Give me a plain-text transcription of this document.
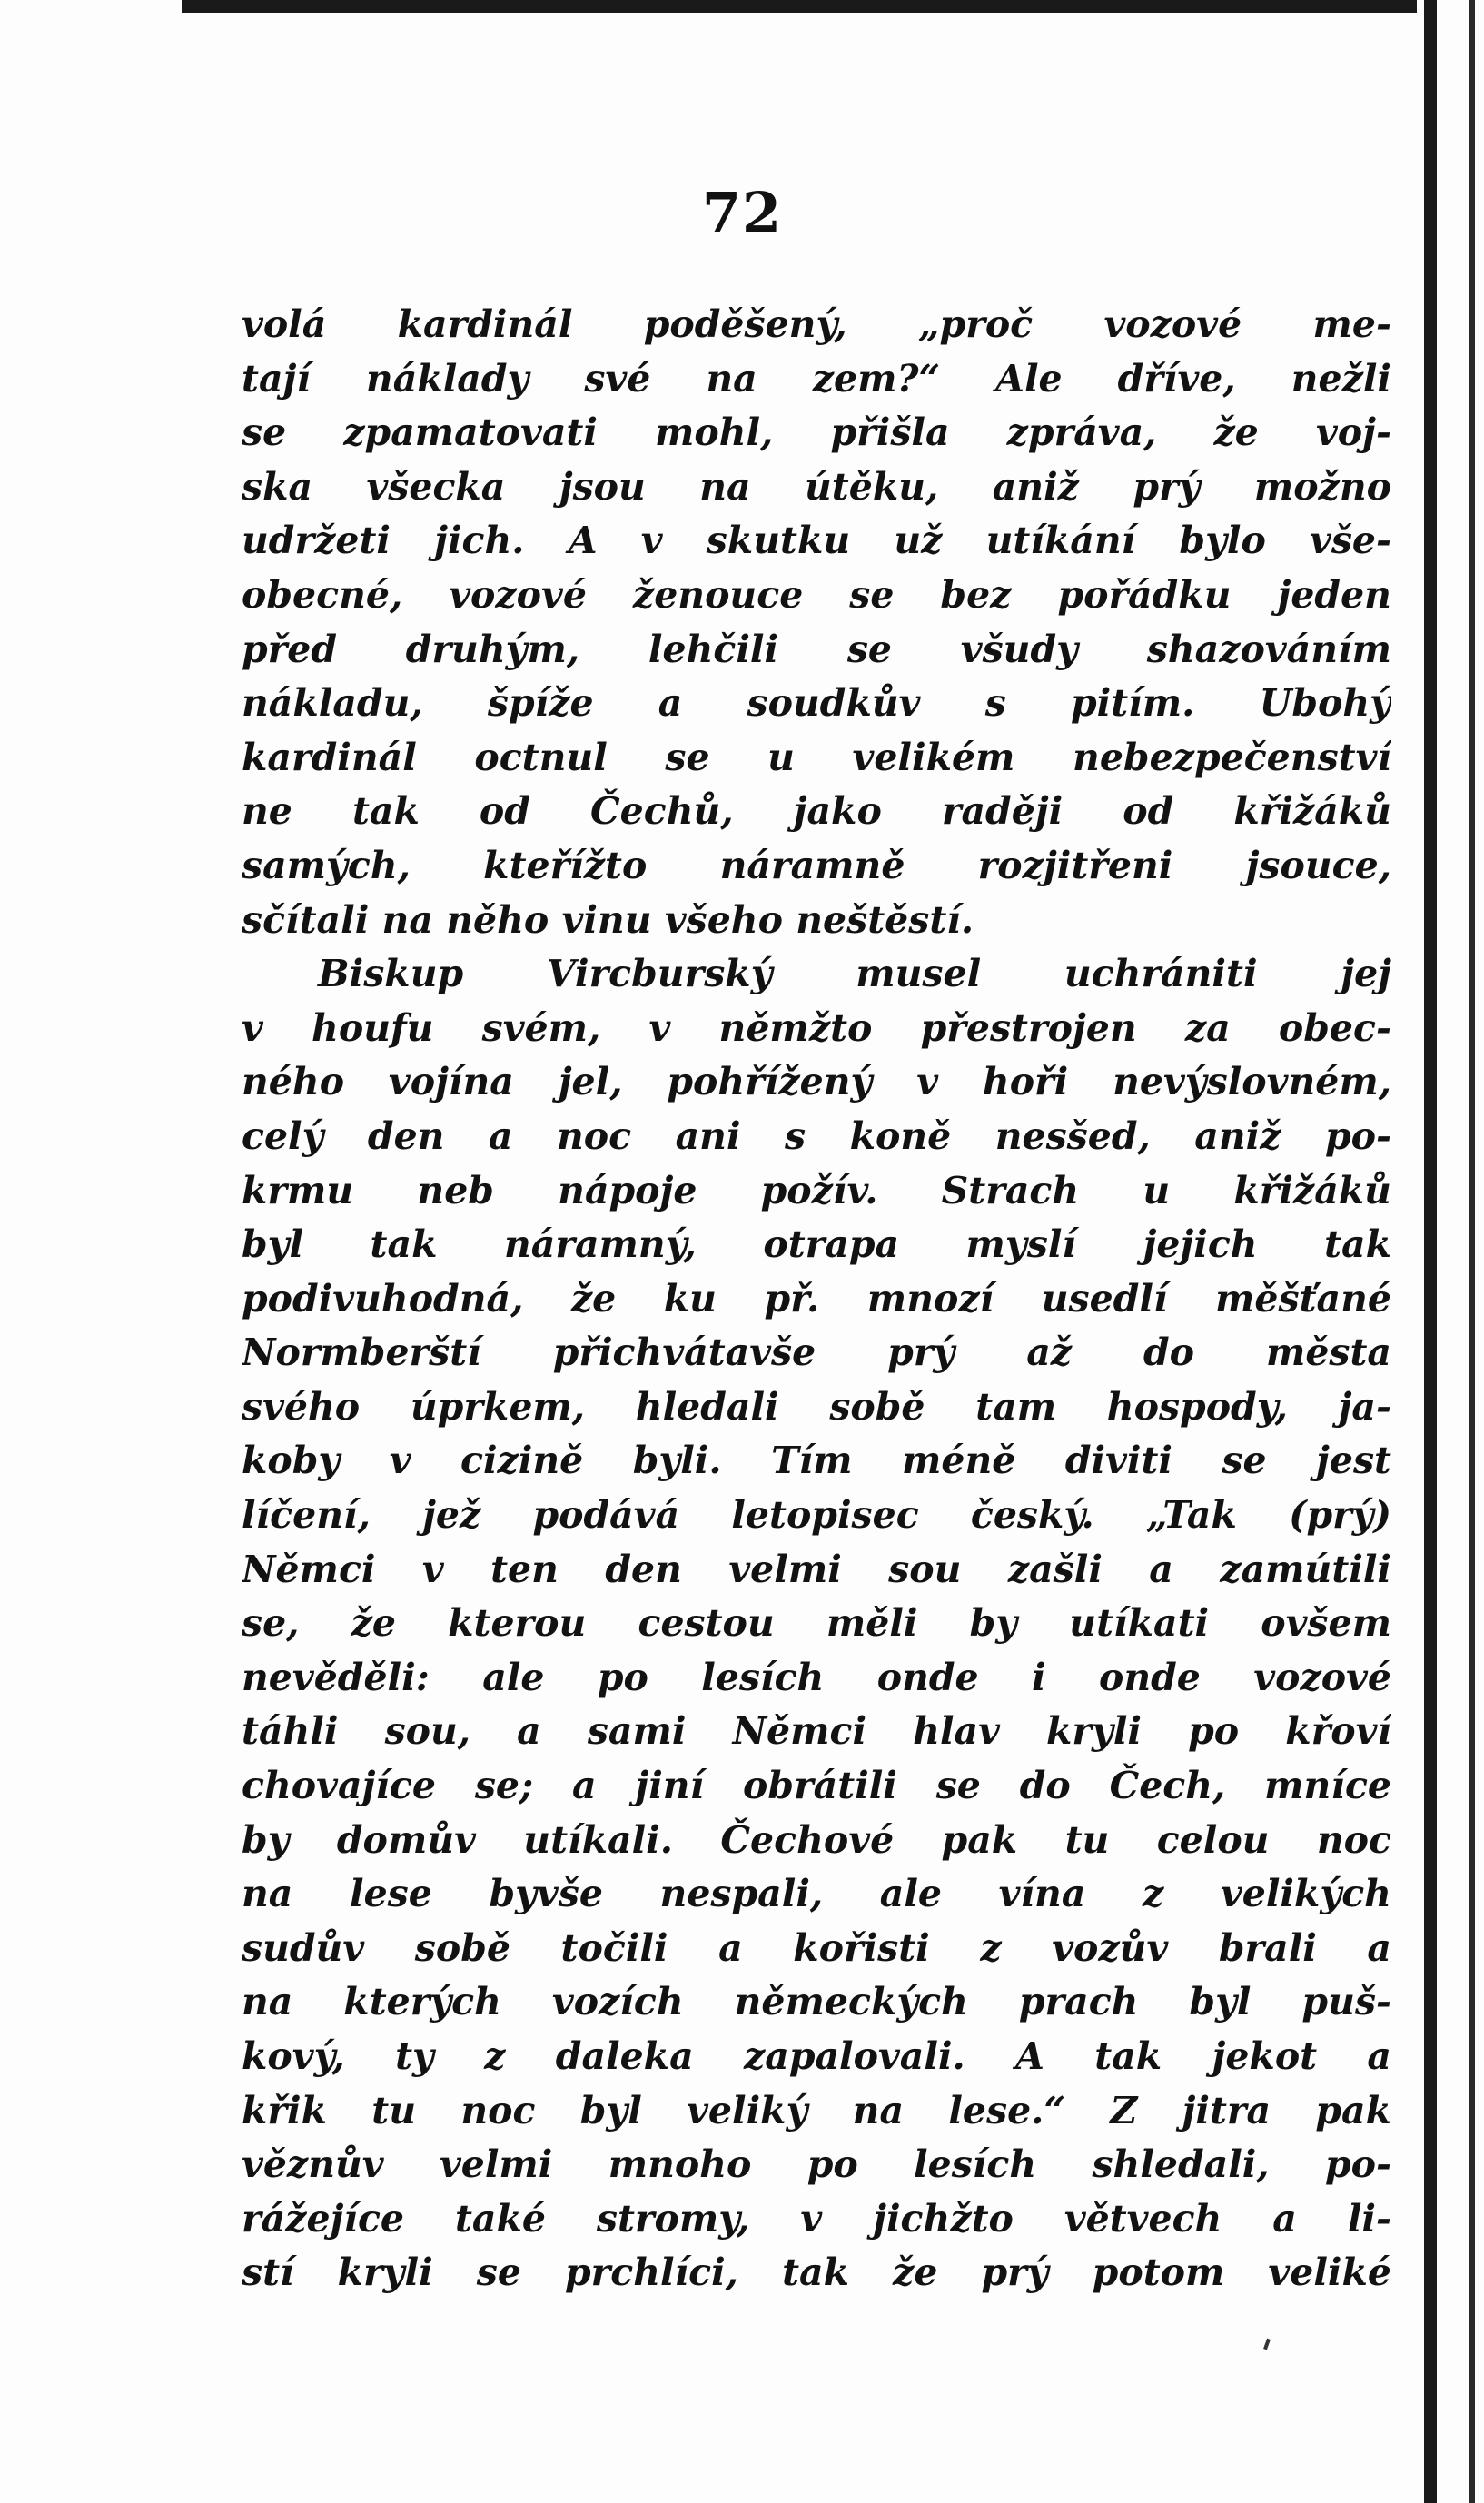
72
volá kardinál poděšený, „proč vozové me-
tají náklady své na zem?“ Ale dříve, nežli
se zpamatovati mohl, přišla zpráva, že voj-
ska všecka jsou na útěku, aniž prý možno
udržeti jich. A v skutku už utíkání bylo vše-
obecné, vozové ženouce se bez pořádku jeden
před druhým, lehčili se všudy shazováním
nákladu, špíže a soudkův s pitím. Ubohý
kardinál octnul se u velikém nebezpečenství
ne tak od Čechů, jako raději od křižáků
samých, kteřížto náramně rozjitřeni jsouce,
sčítali na něho vinu všeho neštěstí.
Biskup Vircburský musel uchrániti jej
v houfu svém, v němžto přestrojen za obec-
ného vojína jel, pohřížený v hoři nevýslovném,
celý den a noc ani s koně nesšed, aniž po-
krmu neb nápoje požív. Strach u křižáků
byl tak náramný, otrapa myslí jejich tak
podivuhodná, že ku př. mnozí usedlí měšťané
Normberští přichvátavše prý až do města
svého úprkem, hledali sobě tam hospody, ja-
koby v cizině byli. Tím méně diviti se jest
líčení, jež podává letopisec český. „Tak (prý)
Němci v ten den velmi sou zašli a zamútili
se, že kterou cestou měli by utíkati ovšem
nevěděli: ale po lesích onde i onde vozové
táhli sou, a sami Němci hlav kryli po křoví
chovajíce se; a jiní obrátili se do Čech, mníce
by domův utíkali. Čechové pak tu celou noc
na lese byvše nespali, ale vína z velikých
sudův sobě točili a kořisti z vozův brali a
na kterých vozích německých prach byl puš-
kový, ty z daleka zapalovali. A tak jekot a
křik tu noc byl veliký na lese.“ Z jitra pak
věznův velmi mnoho po lesích shledali, po-
rážejíce také stromy, v jichžto větvech a li-
stí kryli se prchlíci, tak že prý potom veliké
